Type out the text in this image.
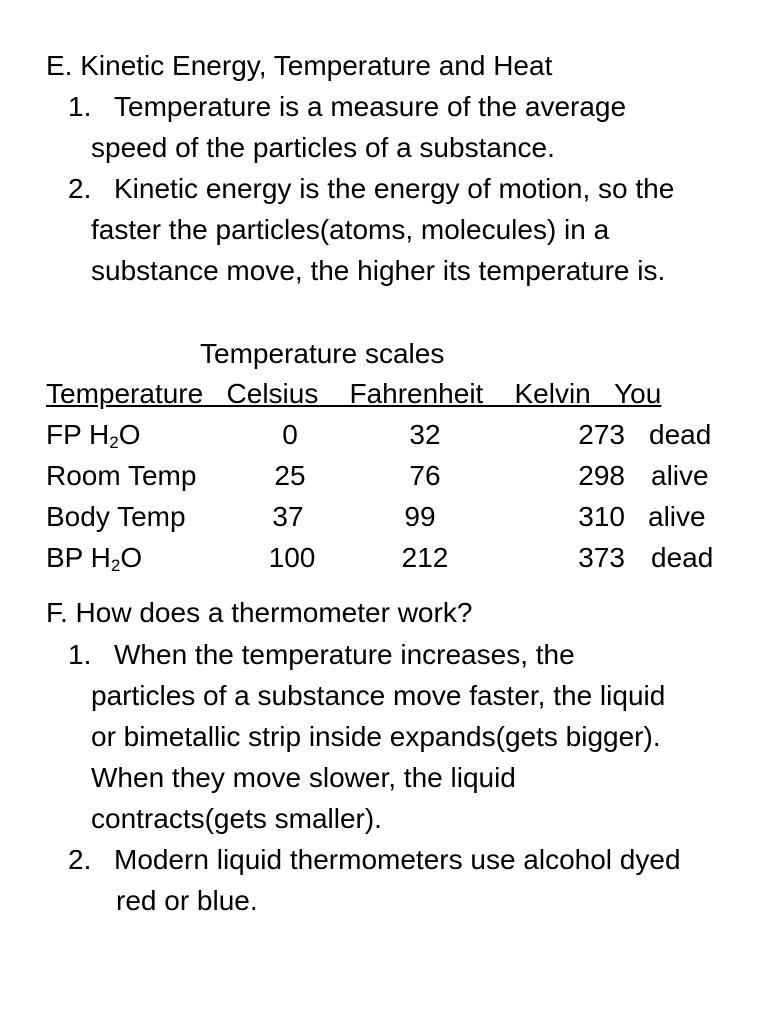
E. Kinetic Energy, Temperature and Heat
1. Temperature is a measure of the average
speed of the particles of a substance.
2. Kinetic energy is the energy of motion, so the
faster the particles(atoms, molecules) in a
substance move, the higher its temperature is.
Temperature scales
Temperature Celsius Fahrenheit Kelvin You
FP $H_2O$	0	32	273 dead
Room Temp	25	76	298 alive
Body Temp	37	99	310 alive
BP $H_2O$	100	212	373 dead
F. How does a thermometer work?
1. When the temperature increases, the
particles of a substance move faster, the liquid
or bimetallic strip inside expands(gets bigger).
When they move slower, the liquid
contracts(gets smaller).
2. Modern liquid thermometers use alcohol dyed
red or blue.
